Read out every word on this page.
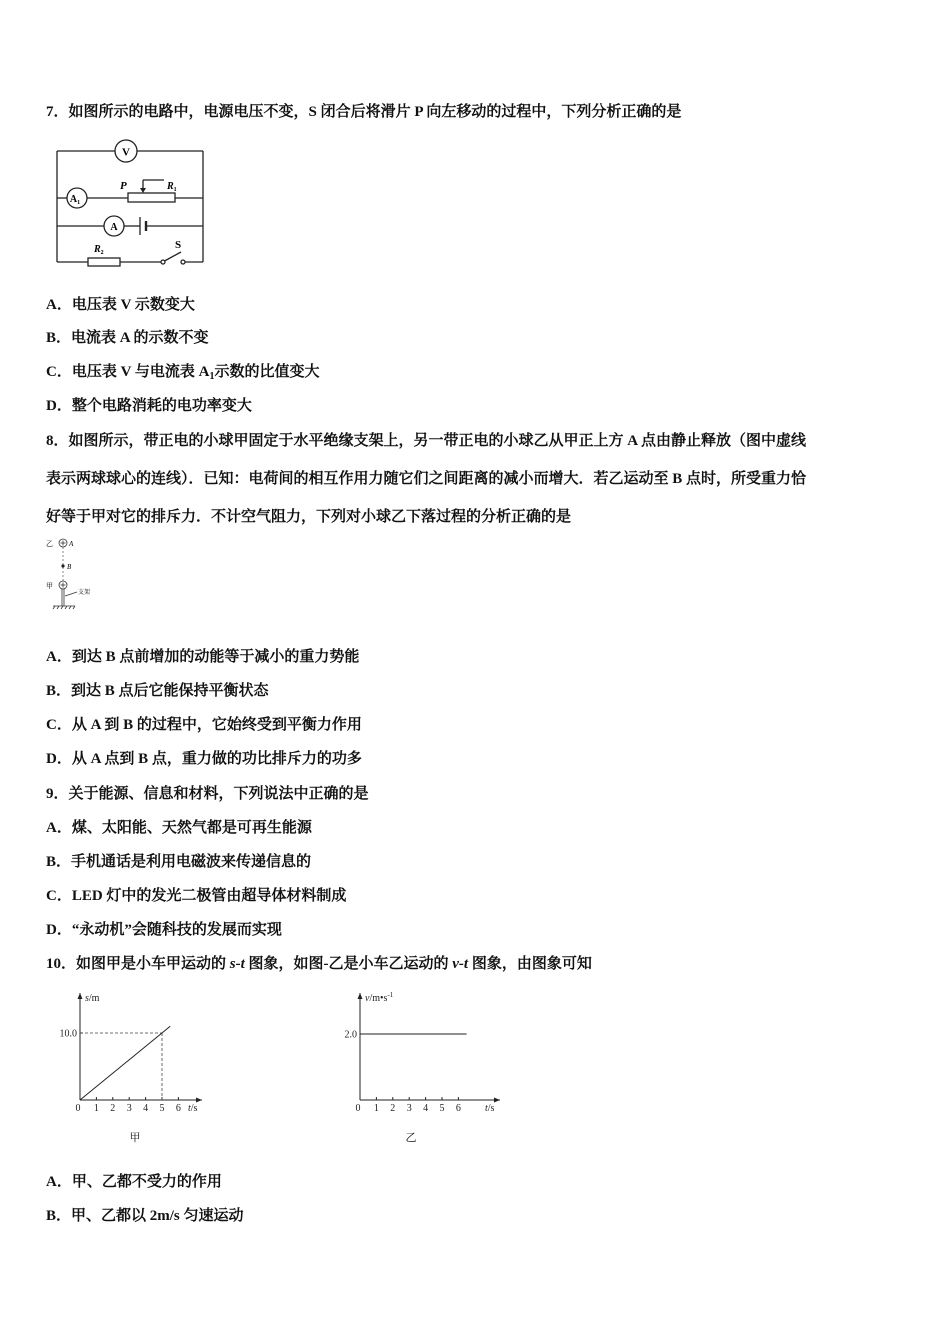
7．如图所示的电路中，电源电压不变，S 闭合后将滑片 P 向左移动的过程中，下列分析正确的是
V
$A_1$
P	$R_1$
A
$R_2$
S
A．电压表 V 示数变大
B．电流表 A 的示数不变
C．电压表 V 与电流表 $A_1$示数的比值变大
D．整个电路消耗的电功率变大
8．如图所示，带正电的小球甲固定于水平绝缘支架上，另一带正电的小球乙从甲正上方 A 点由静止释放（图中虚线
表示两球球心的连线）．已知：电荷间的相互作用力随它们之间距离的减小而增大．若乙运动至 B 点时，所受重力恰
好等于甲对它的排斥力．不计空气阻力，下列对小球乙下落过程的分析正确的是
乙 A
B
甲
支架
A．到达 B 点前增加的动能等于减小的重力势能
B．到达 B 点后它能保持平衡状态
C．从 A 到 B 的过程中，它始终受到平衡力作用
D．从 A 点到 B 点，重力做的功比排斥力的功多
9．关于能源、信息和材料，下列说法中正确的是
A．煤、太阳能、天然气都是可再生能源
B．手机通话是利用电磁波来传递信息的
C．LED 灯中的发光二极管由超导体材料制成
D．“永动机”会随科技的发展而实现
10．如图甲是小车甲运动的 s-t 图象，如图-乙是小车乙运动的 v-t 图象，由图象可知
0 1 2 3 4 5 6
10.0
s/m
t/s	0 1 2 3 4 5 6
2.0
$v/m•s^{-1}$
t/s
甲	乙
A．甲、乙都不受力的作用
B．甲、乙都以 2m/s 匀速运动
